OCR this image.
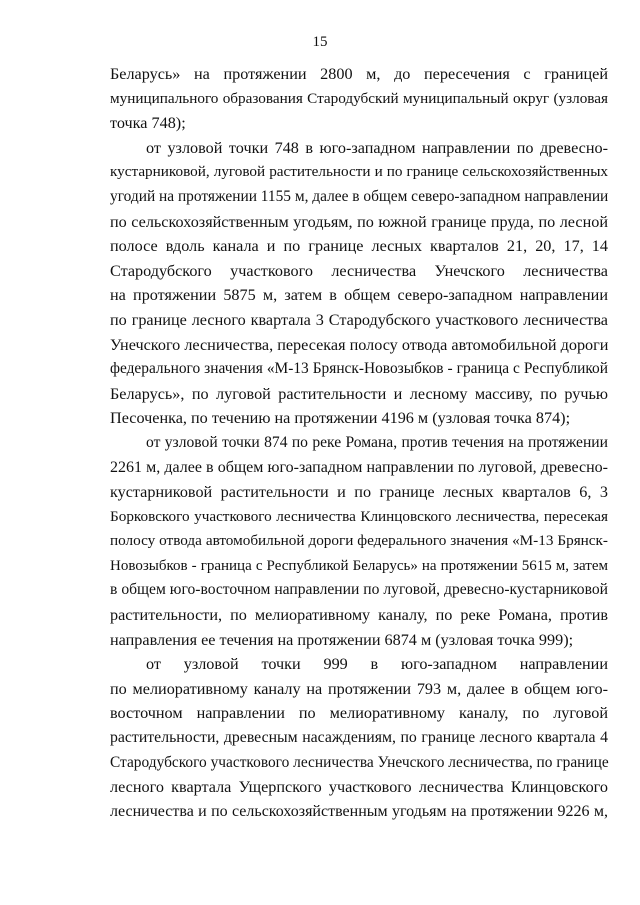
15
Беларусь» на протяжении 2800 м, до пересечения с границей
муниципального образования Стародубский муниципальный округ (узловая
точка 748);
от узловой точки 748 в юго-западном направлении по древесно-
кустарниковой, луговой растительности и по границе сельскохозяйственных
угодий на протяжении 1155 м, далее в общем северо-западном направлении
по сельскохозяйственным угодьям, по южной границе пруда, по лесной
полосе вдоль канала и по границе лесных кварталов 21, 20, 17, 14
Стародубского участкового лесничества Унечского лесничества
на протяжении 5875 м, затем в общем северо-западном направлении
по границе лесного квартала 3 Стародубского участкового лесничества
Унечского лесничества, пересекая полосу отвода автомобильной дороги
федерального значения «М-13 Брянск-Новозыбков - граница с Республикой
Беларусь», по луговой растительности и лесному массиву, по ручью
Песоченка, по течению на протяжении 4196 м (узловая точка 874);
от узловой точки 874 по реке Романа, против течения на протяжении
2261 м, далее в общем юго-западном направлении по луговой, древесно-
кустарниковой растительности и по границе лесных кварталов 6, 3
Борковского участкового лесничества Клинцовского лесничества, пересекая
полосу отвода автомобильной дороги федерального значения «М-13 Брянск-
Новозыбков - граница с Республикой Беларусь» на протяжении 5615 м, затем
в общем юго-восточном направлении по луговой, древесно-кустарниковой
растительности, по мелиоративному каналу, по реке Романа, против
направления ее течения на протяжении 6874 м (узловая точка 999);
от узловой точки 999 в юго-западном направлении
по мелиоративному каналу на протяжении 793 м, далее в общем юго-
восточном направлении по мелиоративному каналу, по луговой
растительности, древесным насаждениям, по границе лесного квартала 4
Стародубского участкового лесничества Унечского лесничества, по границе
лесного квартала Ущерпского участкового лесничества Клинцовского
лесничества и по сельскохозяйственным угодьям на протяжении 9226 м,
